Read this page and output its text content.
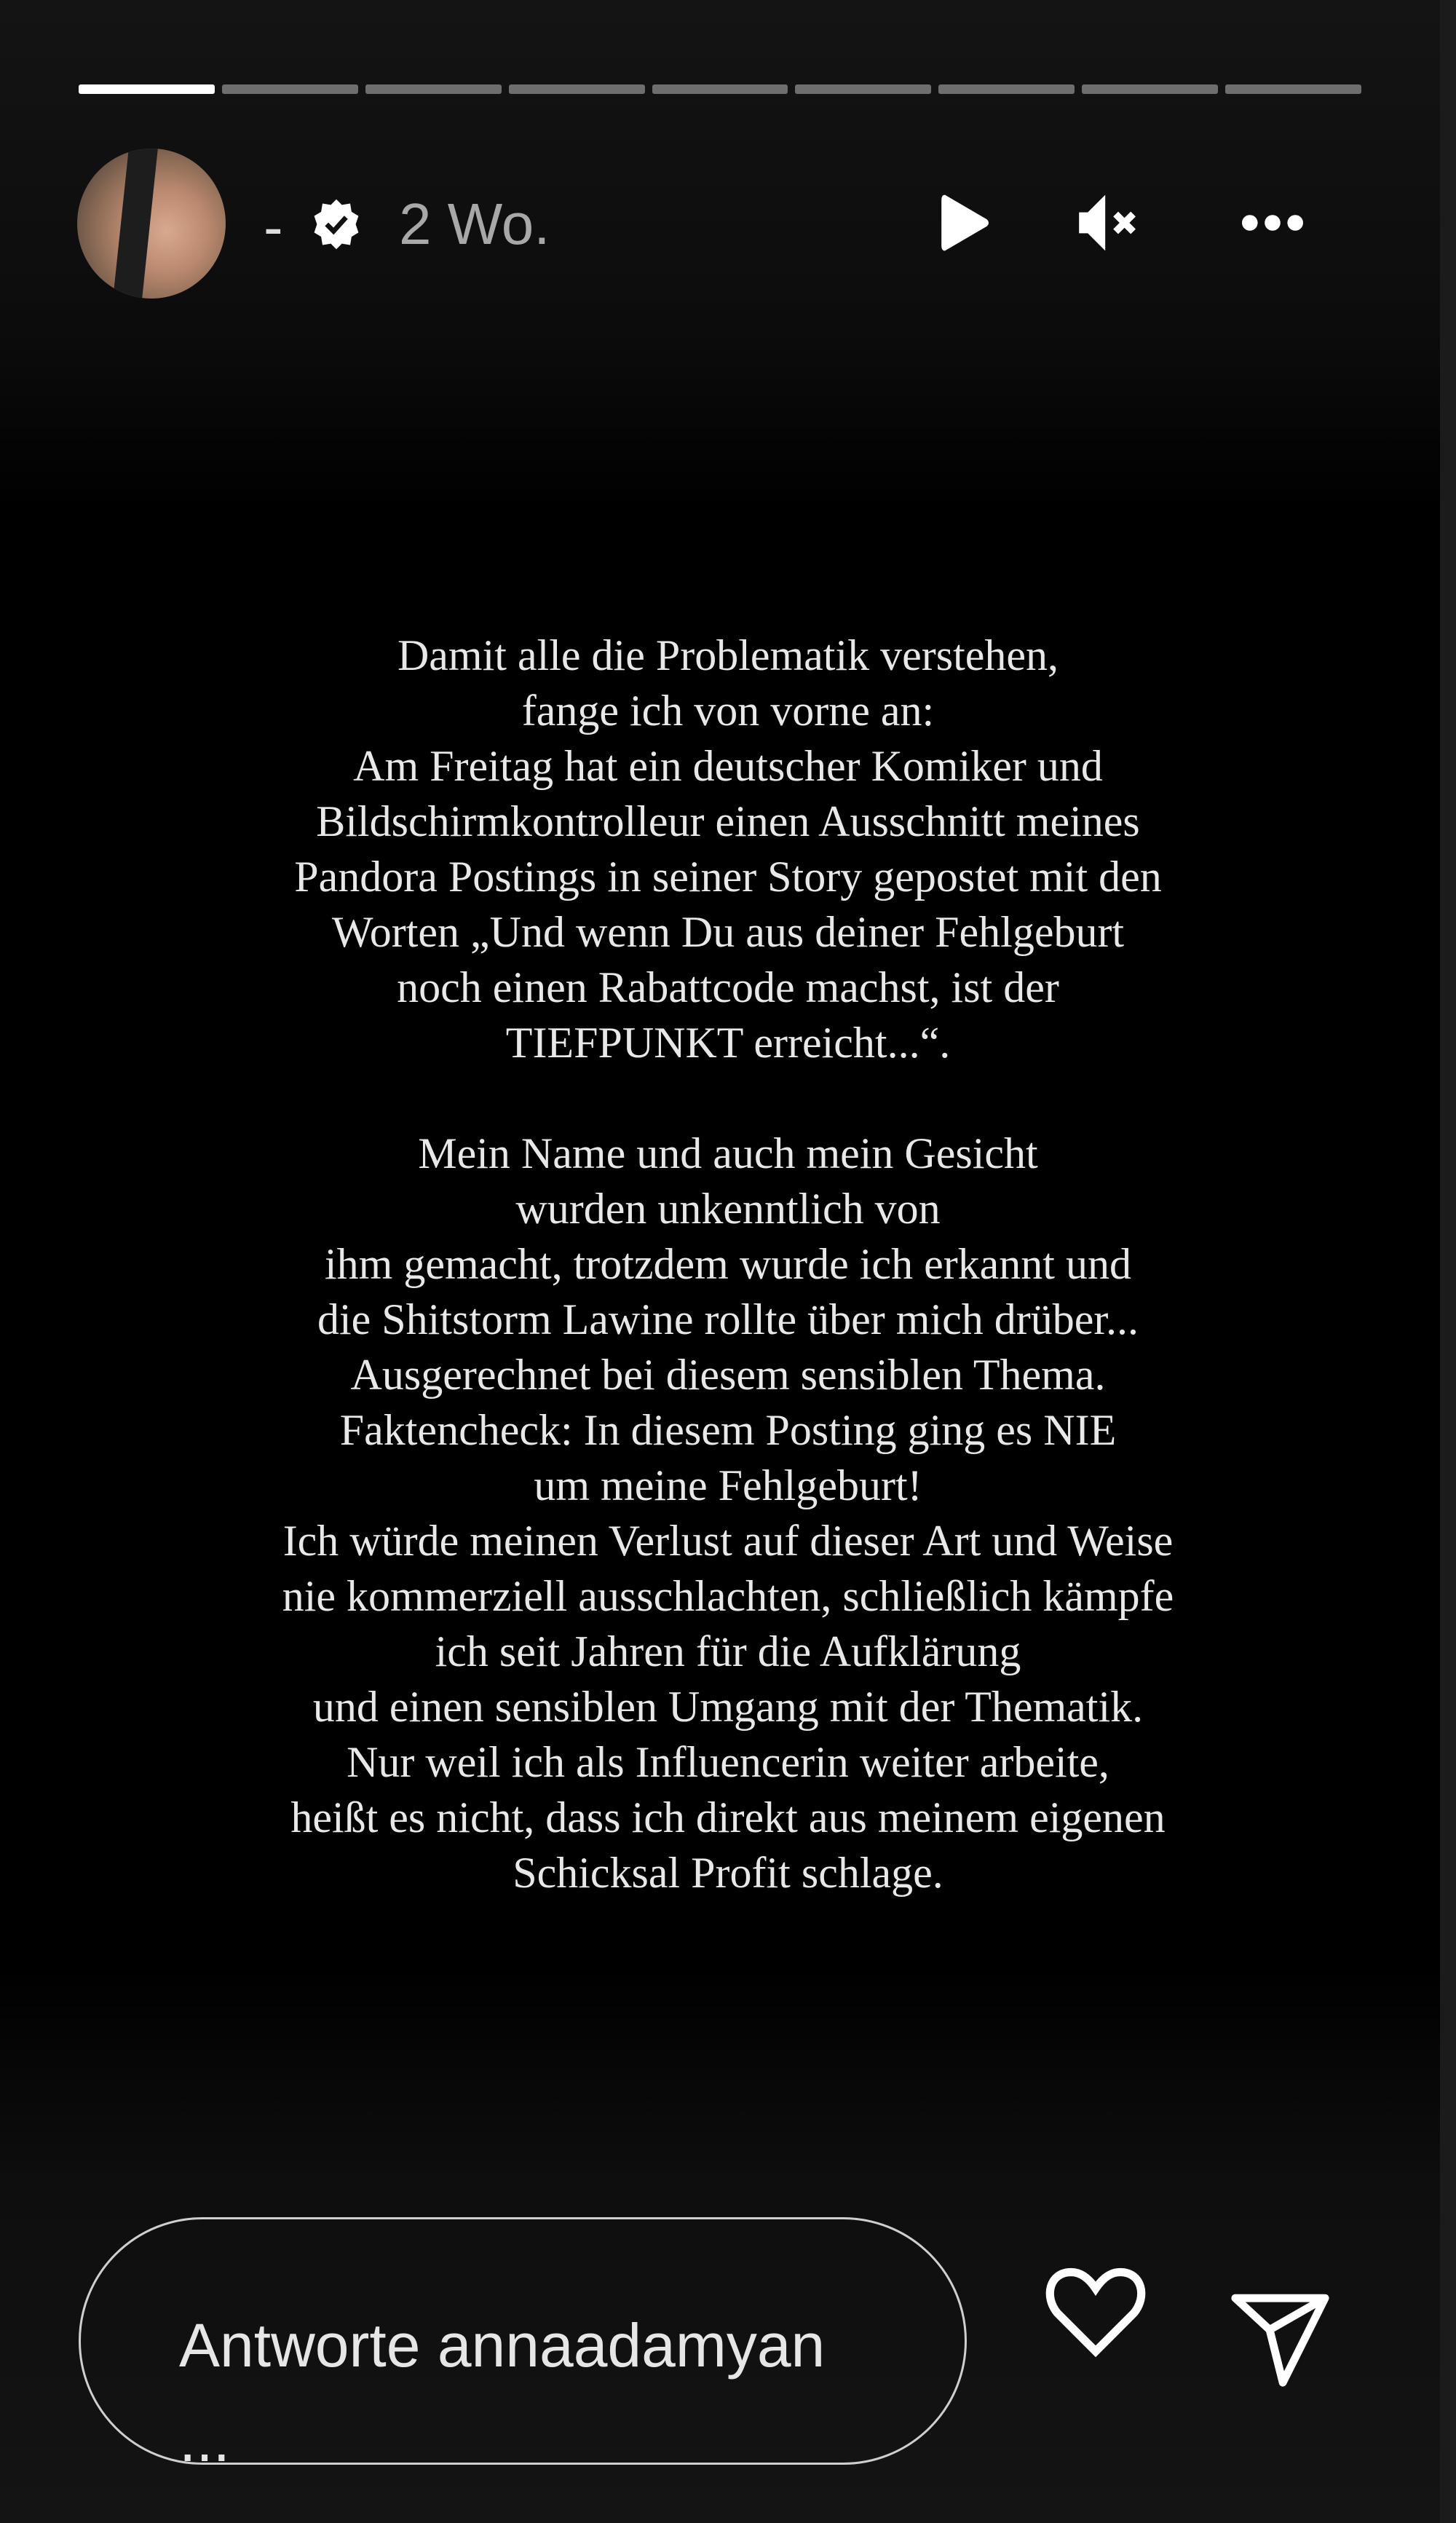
- 2 Wo.
Damit alle die Problematik verstehen,
fange ich von vorne an:
Am Freitag hat ein deutscher Komiker und
Bildschirmkontrolleur einen Ausschnitt meines
Pandora Postings in seiner Story gepostet mit den
Worten „Und wenn Du aus deiner Fehlgeburt
noch einen Rabattcode machst, ist der
TIEFPUNKT erreicht...“.

Mein Name und auch mein Gesicht
wurden unkenntlich von
ihm gemacht, trotzdem wurde ich erkannt und
die Shitstorm Lawine rollte über mich drüber...
Ausgerechnet bei diesem sensiblen Thema.
Faktencheck: In diesem Posting ging es NIE
um meine Fehlgeburt!
Ich würde meinen Verlust auf dieser Art und Weise
nie kommerziell ausschlachten, schließlich kämpfe
ich seit Jahren für die Aufklärung
und einen sensiblen Umgang mit der Thematik.
Nur weil ich als Influencerin weiter arbeite,
heißt es nicht, dass ich direkt aus meinem eigenen
Schicksal Profit schlage.
Antworte annaadamyan
...
